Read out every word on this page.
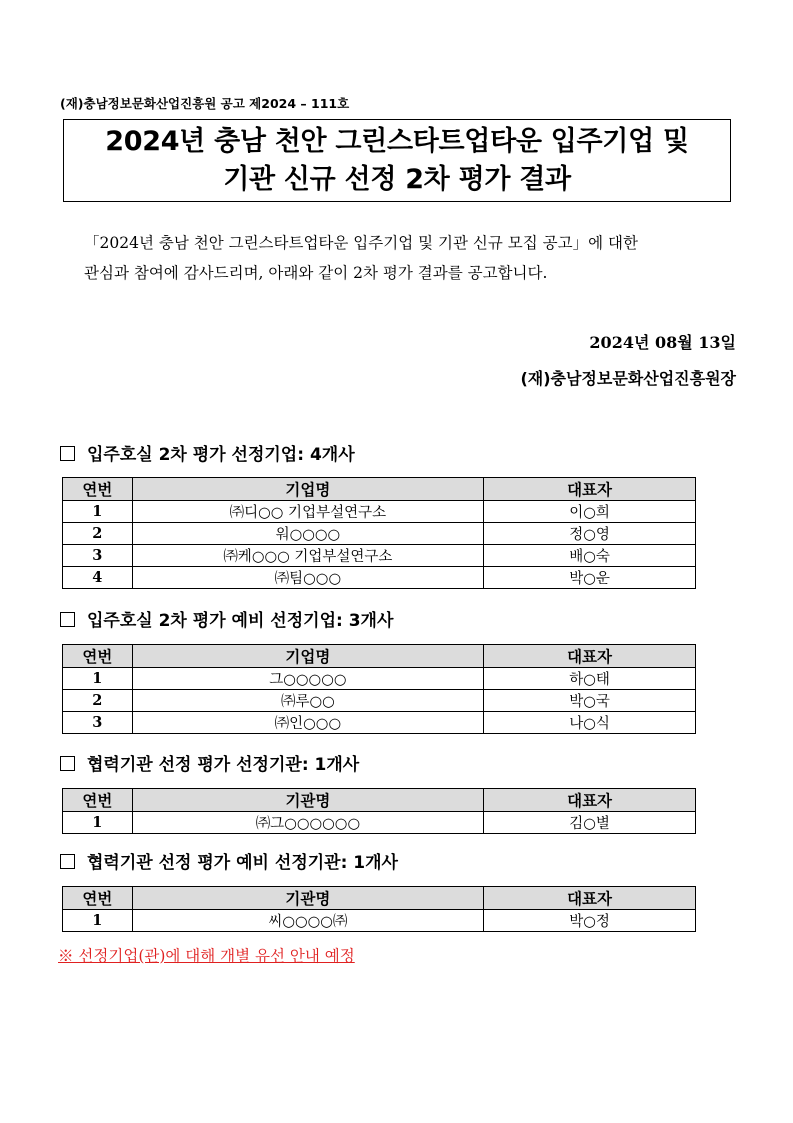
(재)충남정보문화산업진흥원 공고 제2024 – 111호
2024년 충남 천안 그린스타트업타운 입주기업 및
기관 신규 선정 2차 평가 결과

「2024년 충남 천안 그린스타트업타운 입주기업 및 기관 신규 모집 공고」에 대한

관심과 참여에 감사드리며, 아래와 같이 2차 평가 결과를 공고합니다.

2024년 08월 13일
(재)충남정보문화산업진흥원장
입주호실 2차 평가 선정기업: 4개사
연번	기업명	대표자
1	㈜디○○ 기업부설연구소	이○희
2	워○○○○	정○영
3	㈜케○○○ 기업부설연구소	배○숙
4	㈜팀○○○	박○운
입주호실 2차 평가 예비 선정기업: 3개사
연번	기업명	대표자
1	그○○○○○	하○태
2	㈜루○○	박○국
3	㈜인○○○	나○식
협력기관 선정 평가 선정기관: 1개사
연번	기관명	대표자
1	㈜그○○○○○○	김○별
협력기관 선정 평가 예비 선정기관: 1개사
연번	기관명	대표자
1	씨○○○○㈜	박○정
※ 선정기업(관)에 대해 개별 유선 안내 예정
